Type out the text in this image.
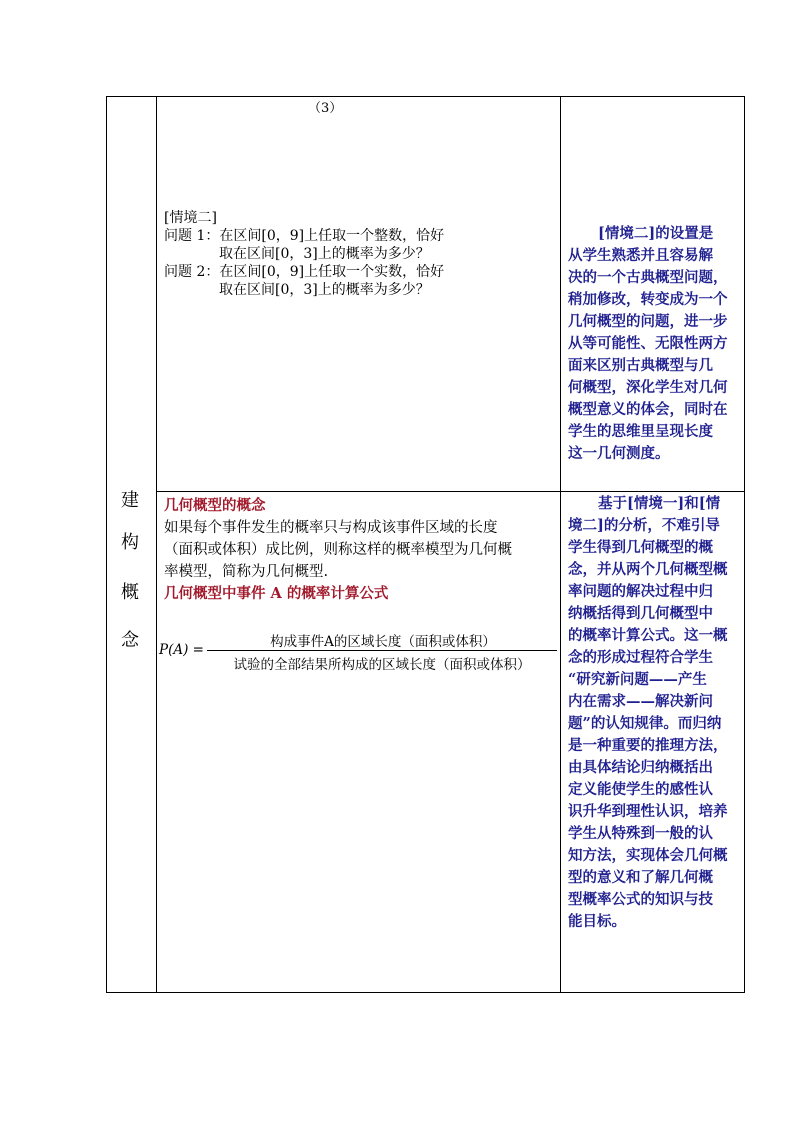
建
构
概
念
（3）
[情境二]
问题 1：在区间[0，9]上任取一个整数，恰好
取在区间[0，3]上的概率为多少？
问题 2：在区间[0，9]上任取一个实数，恰好
取在区间[0，3]上的概率为多少？
[情境二]的设置是
从学生熟悉并且容易解
决的一个古典概型问题，
稍加修改，转变成为一个
几何概型的问题，进一步
从等可能性、无限性两方
面来区别古典概型与几
何概型，深化学生对几何
概型意义的体会，同时在
学生的思维里呈现长度
这一几何测度。
几何概型的概念
如果每个事件发生的概率只与构成该事件区域的长度
（面积或体积）成比例，则称这样的概率模型为几何概
率模型，简称为几何概型.
几何概型中事件 A 的概率计算公式
P(A) =	构成事件A的区域长度（面积或体积）
试验的全部结果所构成的区域长度（面积或体积）
基于[情境一]和[情
境二]的分析，不难引导
学生得到几何概型的概
念，并从两个几何概型概
率问题的解决过程中归
纳概括得到几何概型中
的概率计算公式。这一概
念的形成过程符合学生
“研究新问题——产生
内在需求——解决新问
题”的认知规律。而归纳
是一种重要的推理方法，
由具体结论归纳概括出
定义能使学生的感性认
识升华到理性认识，培养
学生从特殊到一般的认
知方法，实现体会几何概
型的意义和了解几何概
型概率公式的知识与技
能目标。
